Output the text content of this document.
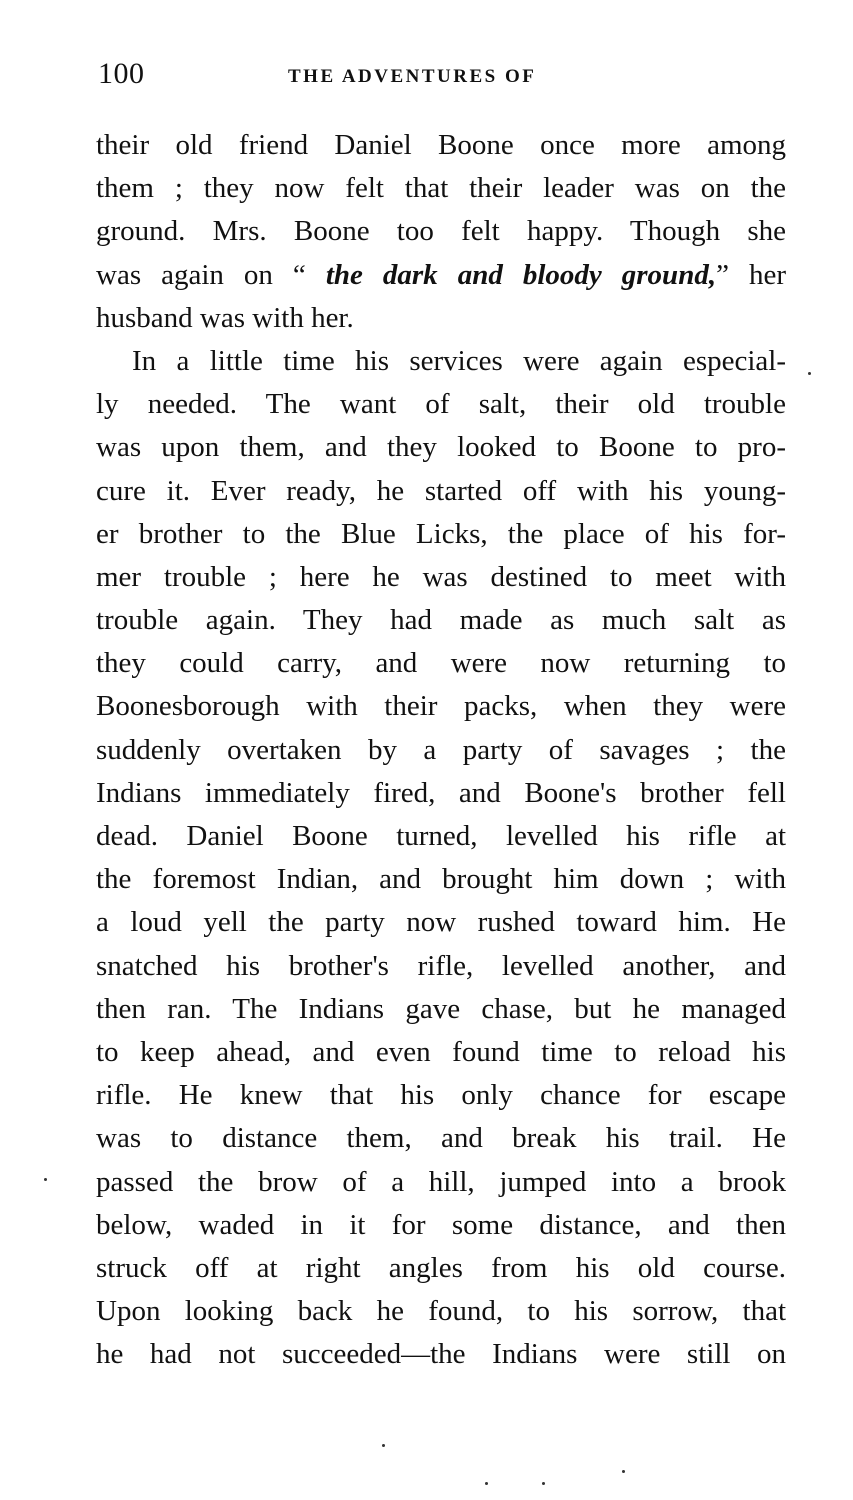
100	THE ADVENTURES OF
their old friend Daniel Boone once more among
them ; they now felt that their leader was on the
ground. Mrs. Boone too felt happy. Though she
was again on “ the dark and bloody ground,” her
husband was with her.
In a little time his services were again especial-
ly needed. The want of salt, their old trouble
was upon them, and they looked to Boone to pro-
cure it. Ever ready, he started off with his young-
er brother to the Blue Licks, the place of his for-
mer trouble ; here he was destined to meet with
trouble again. They had made as much salt as
they could carry, and were now returning to
Boonesborough with their packs, when they were
suddenly overtaken by a party of savages ; the
Indians immediately fired, and Boone's brother fell
dead. Daniel Boone turned, levelled his rifle at
the foremost Indian, and brought him down ; with
a loud yell the party now rushed toward him. He
snatched his brother's rifle, levelled another, and
then ran. The Indians gave chase, but he managed
to keep ahead, and even found time to reload his
rifle. He knew that his only chance for escape
was to distance them, and break his trail. He
passed the brow of a hill, jumped into a brook
below, waded in it for some distance, and then
struck off at right angles from his old course.
Upon looking back he found, to his sorrow, that
he had not succeeded—the Indians were still on
